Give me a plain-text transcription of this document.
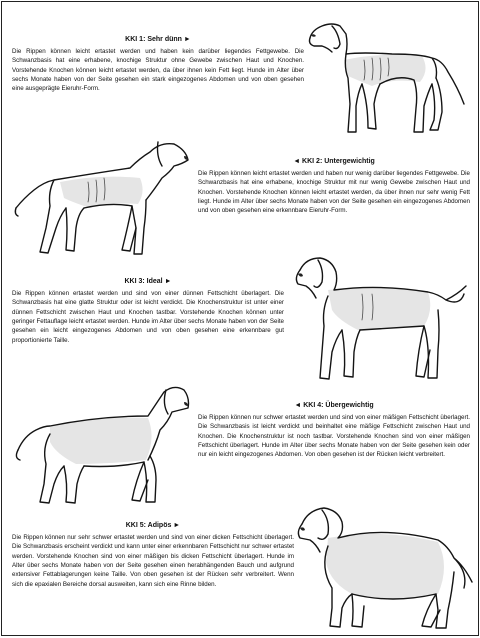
KKI 1: Sehr dünn ►
Die Rippen können leicht ertastet werden und haben kein darüber liegendes Fettgewebe. Die Schwanzbasis hat eine erhabene, knochige Struktur ohne Gewebe zwischen Haut und Knochen. Vorstehende Knochen können leicht ertastet werden, da über ihnen kein Fett liegt. Hunde im Alter über sechs Monate haben von der Seite gesehen ein stark eingezogenes Abdomen und von oben gesehen eine ausgeprägte Eieruhr-Form.
◄ KKI 2: Untergewichtig
Die Rippen können leicht ertastet werden und haben nur wenig darüber liegendes Fettgewebe. Die Schwanzbasis hat eine erhabene, knochige Struktur mit nur wenig Gewebe zwischen Haut und Knochen. Vorstehende Knochen können leicht ertastet werden, da über ihnen nur sehr wenig Fett liegt. Hunde im Alter über sechs Monate haben von der Seite gesehen ein eingezogenes Abdomen und von oben gesehen eine erkennbare Eieruhr-Form.
KKI 3: Ideal ►
Die Rippen können ertastet werden und sind von einer dünnen Fettschicht überlagert. Die Schwanzbasis hat eine glatte Struktur oder ist leicht verdickt. Die Knochenstruktur ist unter einer dünnen Fettschicht zwischen Haut und Knochen tastbar. Vorstehende Knochen können unter geringer Fettauflage leicht ertastet werden. Hunde im Alter über sechs Monate haben von der Seite gesehen ein leicht eingezogenes Abdomen und von oben gesehen eine erkennbare gut proportionierte Taille.
◄ KKI 4: Übergewichtig
Die Rippen können nur schwer ertastet werden und sind von einer mäßigen Fettschicht überlagert. Die Schwanzbasis ist leicht verdickt und beinhaltet eine mäßige Fettschicht zwischen Haut und Knochen. Die Knochenstruktur ist noch tastbar. Vorstehende Knochen sind von einer mäßigen Fettschicht überlagert. Hunde im Alter über sechs Monate haben von der Seite gesehen kein oder nur ein leicht eingezogenes Abdomen. Von oben gesehen ist der Rücken leicht verbreitert.
KKI 5: Adipös ►
Die Rippen können nur sehr schwer ertastet werden und sind von einer dicken Fettschicht überlagert. Die Schwanzbasis erscheint verdickt und kann unter einer erkennbaren Fettschicht nur schwer ertastet werden. Vorstehende Knochen sind von einer mäßigen bis dicken Fettschicht überlagert. Hunde im Alter über sechs Monate haben von der Seite gesehen einen herabhängenden Bauch und aufgrund extensiver Fettablagerungen keine Taille. Von oben gesehen ist der Rücken sehr verbreitert. Wenn sich die epaxialen Bereiche dorsal ausweiten, kann sich eine Rinne bilden.
